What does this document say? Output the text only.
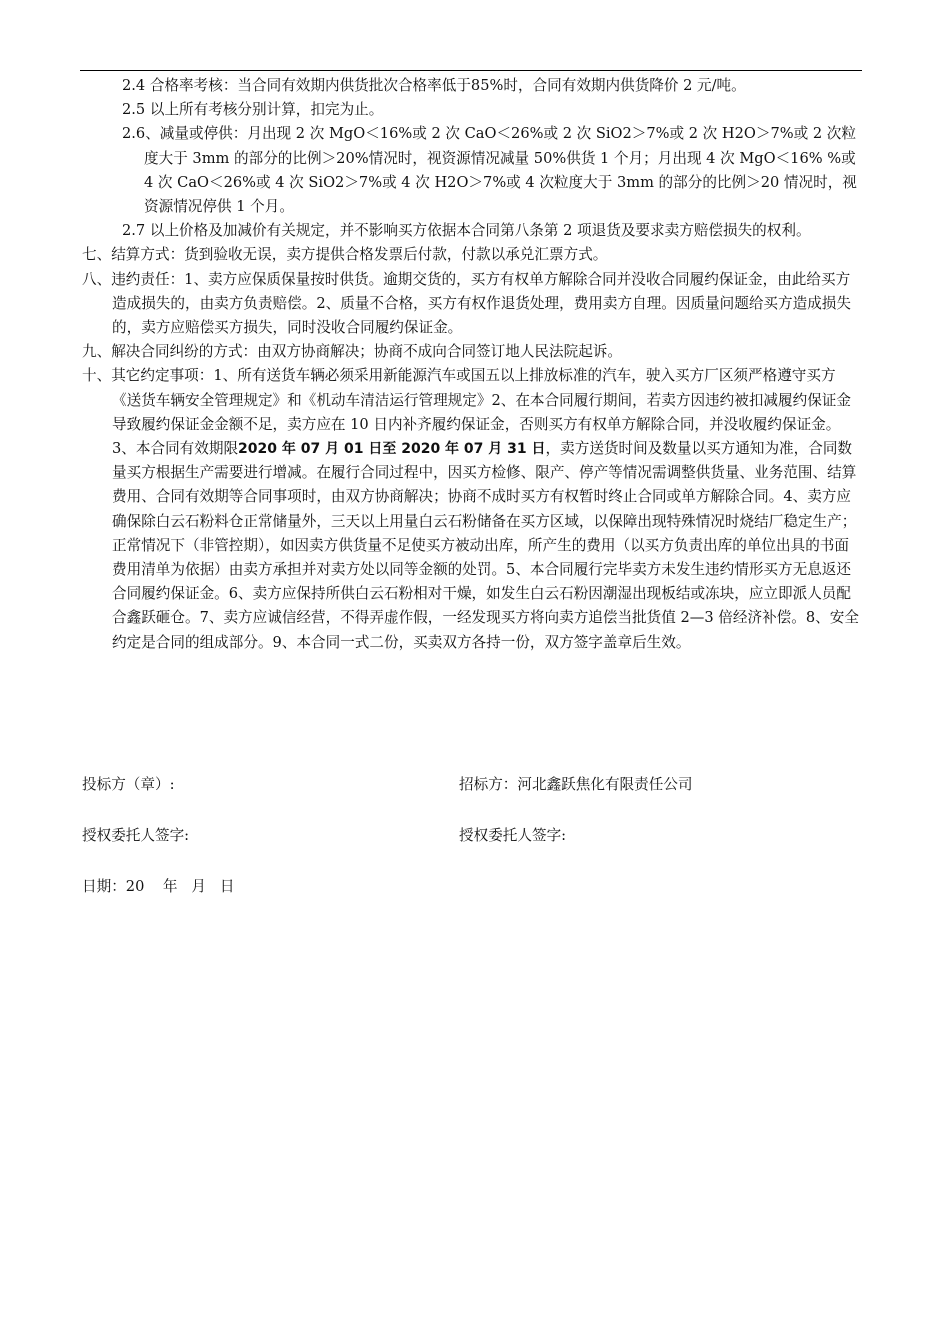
2.4 合格率考核：当合同有效期内供货批次合格率低于85%时，合同有效期内供货降价 2 元/吨。

2.5 以上所有考核分别计算，扣完为止。

2.6、减量或停供：月出现 2 次 MgO＜16%或 2 次 CaO＜26%或 2 次 SiO2＞7%或 2 次 H2O＞7%或 2 次粒度大于 3mm 的部分的比例＞20%情况时，视资源情况减量 50%供货 1 个月；月出现 4 次 MgO＜16% %或 4 次 CaO＜26%或 4 次 SiO2＞7%或 4 次 H2O＞7%或 4 次粒度大于 3mm 的部分的比例＞20 情况时，视资源情况停供 1 个月。

2.7 以上价格及加减价有关规定，并不影响买方依据本合同第八条第 2 项退货及要求卖方赔偿损失的权利。

七、结算方式：货到验收无误，卖方提供合格发票后付款，付款以承兑汇票方式。

八、违约责任：1、卖方应保质保量按时供货。逾期交货的，买方有权单方解除合同并没收合同履约保证金，由此给买方造成损失的，由卖方负责赔偿。2、质量不合格，买方有权作退货处理，费用卖方自理。因质量问题给买方造成损失的，卖方应赔偿买方损失，同时没收合同履约保证金。

九、解决合同纠纷的方式：由双方协商解决；协商不成向合同签订地人民法院起诉。

十、其它约定事项：1、所有送货车辆必须采用新能源汽车或国五以上排放标准的汽车，驶入买方厂区须严格遵守买方《送货车辆安全管理规定》和《机动车清洁运行管理规定》2、在本合同履行期间，若卖方因违约被扣减履约保证金导致履约保证金金额不足，卖方应在 10 日内补齐履约保证金，否则买方有权单方解除合同，并没收履约保证金。3、本合同有效期限2020 年 07 月 01 日至 2020 年 07 月 31 日，卖方送货时间及数量以买方通知为准，合同数量买方根据生产需要进行增减。在履行合同过程中，因买方检修、限产、停产等情况需调整供货量、业务范围、结算费用、合同有效期等合同事项时，由双方协商解决；协商不成时买方有权暂时终止合同或单方解除合同。4、卖方应确保除白云石粉料仓正常储量外，三天以上用量白云石粉储备在买方区域，以保障出现特殊情况时烧结厂稳定生产；正常情况下（非管控期），如因卖方供货量不足使买方被动出库，所产生的费用（以买方负责出库的单位出具的书面费用清单为依据）由卖方承担并对卖方处以同等金额的处罚。5、本合同履行完毕卖方未发生违约情形买方无息返还合同履约保证金。6、卖方应保持所供白云石粉相对干燥，如发生白云石粉因潮湿出现板结或冻块，应立即派人员配合鑫跃砸仓。7、卖方应诚信经营，不得弄虚作假，一经发现买方将向卖方追偿当批货值 2—3 倍经济补偿。8、安全约定是合同的组成部分。9、本合同一式二份，买卖双方各持一份，双方签字盖章后生效。

投标方（章）:	招标方：河北鑫跃焦化有限责任公司
授权委托人签字:	授权委托人签字:
日期：20    年   月   日
